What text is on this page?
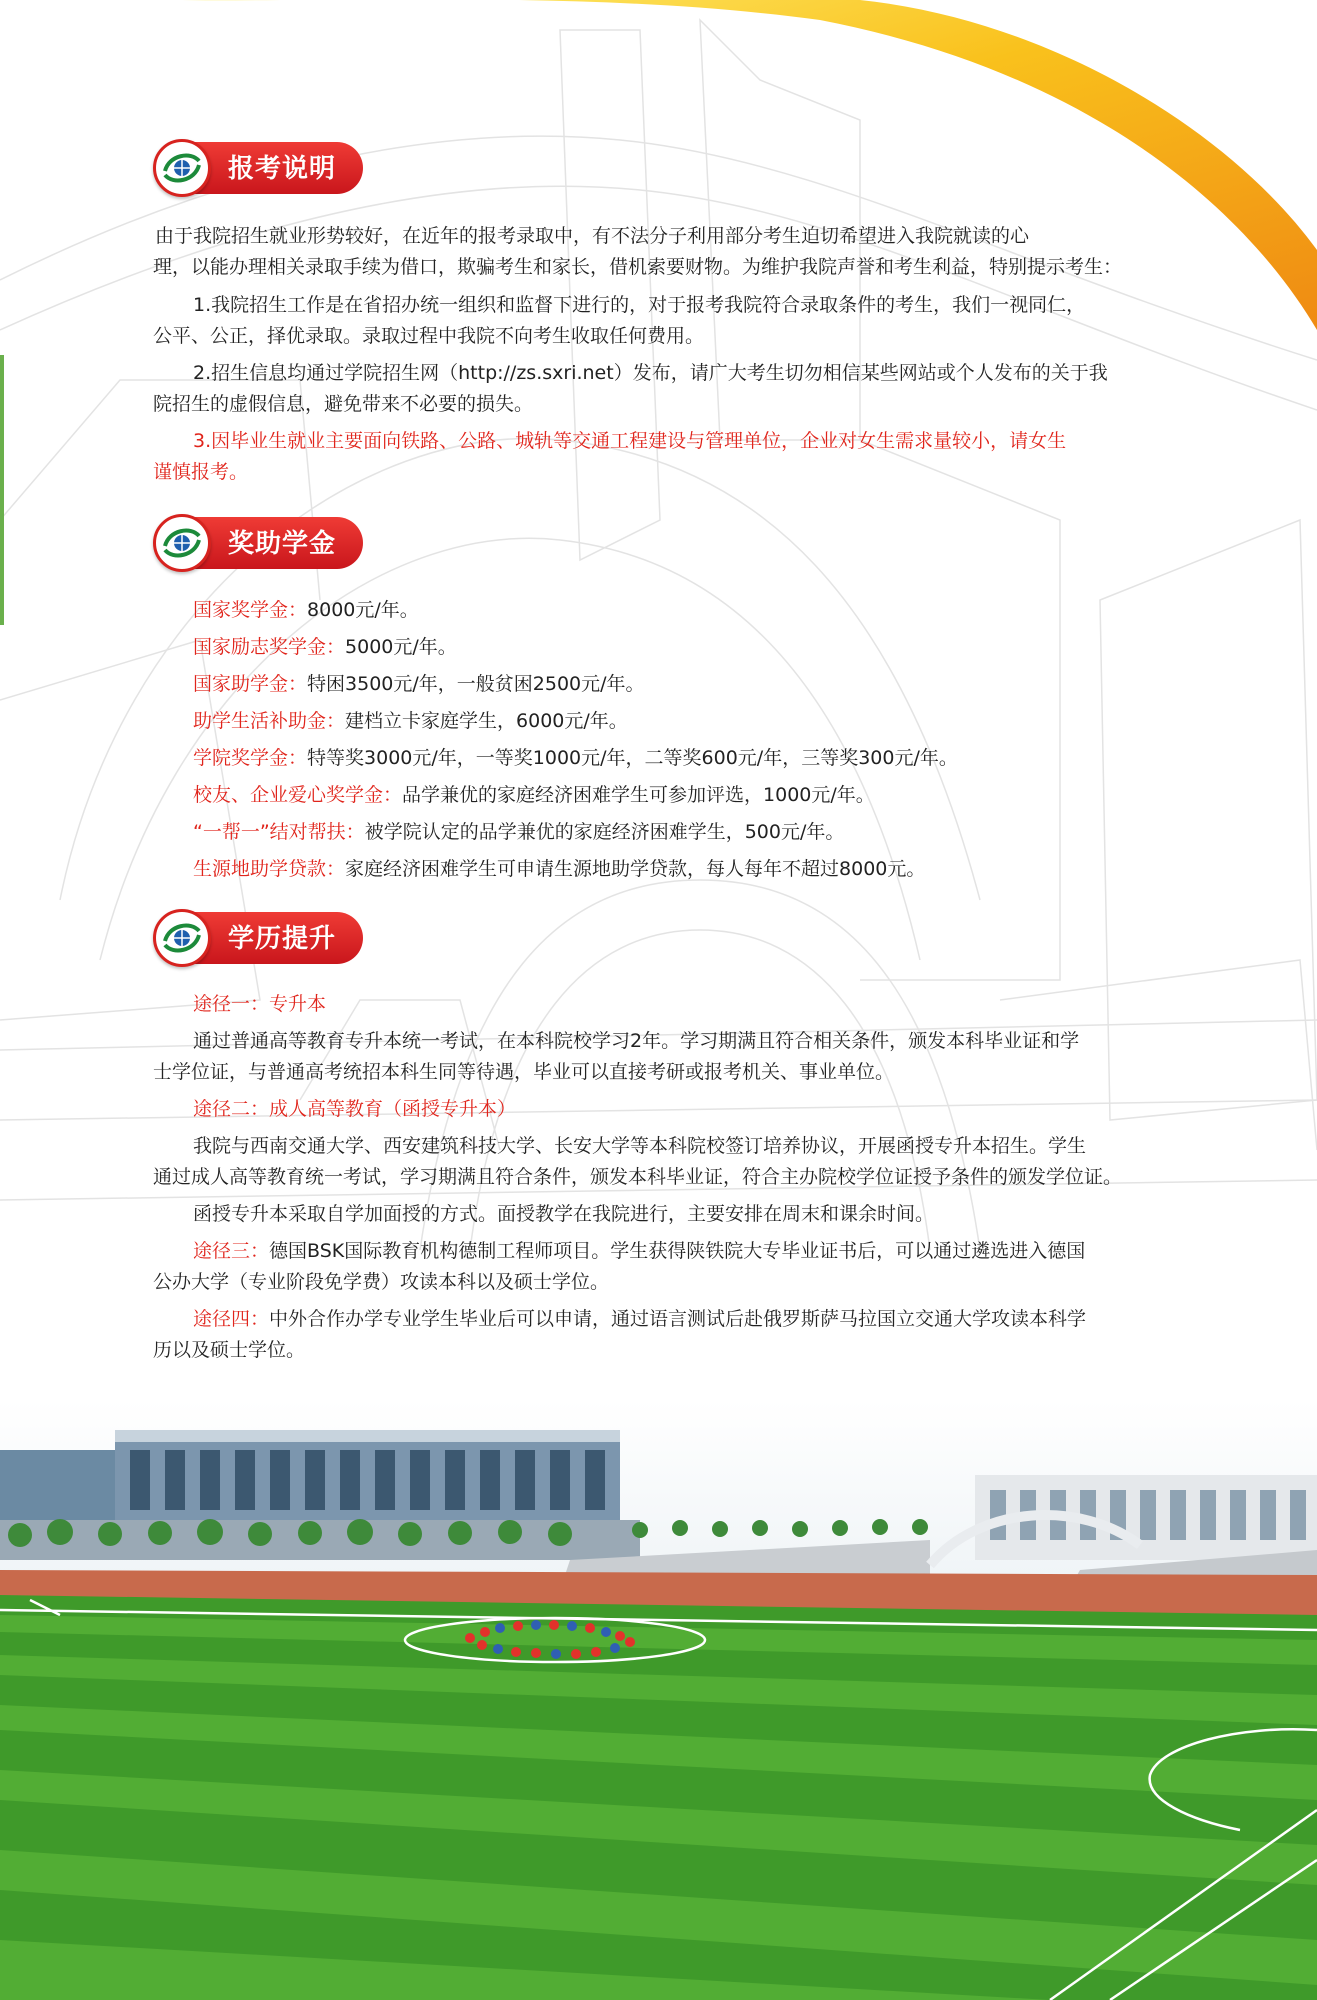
报考说明
由于我院招生就业形势较好，在近年的报考录取中，有不法分子利用部分考生迫切希望进入我院就读的心
理，以能办理相关录取手续为借口，欺骗考生和家长，借机索要财物。为维护我院声誉和考生利益，特别提示考生：
1.我院招生工作是在省招办统一组织和监督下进行的，对于报考我院符合录取条件的考生，我们一视同仁，
公平、公正，择优录取。录取过程中我院不向考生收取任何费用。
2.招生信息均通过学院招生网（http://zs.sxri.net）发布，请广大考生切勿相信某些网站或个人发布的关于我
院招生的虚假信息，避免带来不必要的损失。
3.因毕业生就业主要面向铁路、公路、城轨等交通工程建设与管理单位，企业对女生需求量较小，请女生
谨慎报考。
奖助学金
国家奖学金：8000元/年。
国家励志奖学金：5000元/年。
国家助学金：特困3500元/年，一般贫困2500元/年。
助学生活补助金：建档立卡家庭学生，6000元/年。
学院奖学金：特等奖3000元/年，一等奖1000元/年，二等奖600元/年，三等奖300元/年。
校友、企业爱心奖学金：品学兼优的家庭经济困难学生可参加评选，1000元/年。
“一帮一”结对帮扶：被学院认定的品学兼优的家庭经济困难学生，500元/年。
生源地助学贷款：家庭经济困难学生可申请生源地助学贷款，每人每年不超过8000元。
学历提升
途径一：专升本
通过普通高等教育专升本统一考试，在本科院校学习2年。学习期满且符合相关条件，颁发本科毕业证和学
士学位证，与普通高考统招本科生同等待遇，毕业可以直接考研或报考机关、事业单位。
途径二：成人高等教育（函授专升本）
我院与西南交通大学、西安建筑科技大学、长安大学等本科院校签订培养协议，开展函授专升本招生。学生
通过成人高等教育统一考试，学习期满且符合条件，颁发本科毕业证，符合主办院校学位证授予条件的颁发学位证。
函授专升本采取自学加面授的方式。面授教学在我院进行，主要安排在周末和课余时间。
途径三：德国BSK国际教育机构德制工程师项目。学生获得陕铁院大专毕业证书后，可以通过遴选进入德国
公办大学（专业阶段免学费）攻读本科以及硕士学位。
途径四：中外合作办学专业学生毕业后可以申请，通过语言测试后赴俄罗斯萨马拉国立交通大学攻读本科学
历以及硕士学位。
